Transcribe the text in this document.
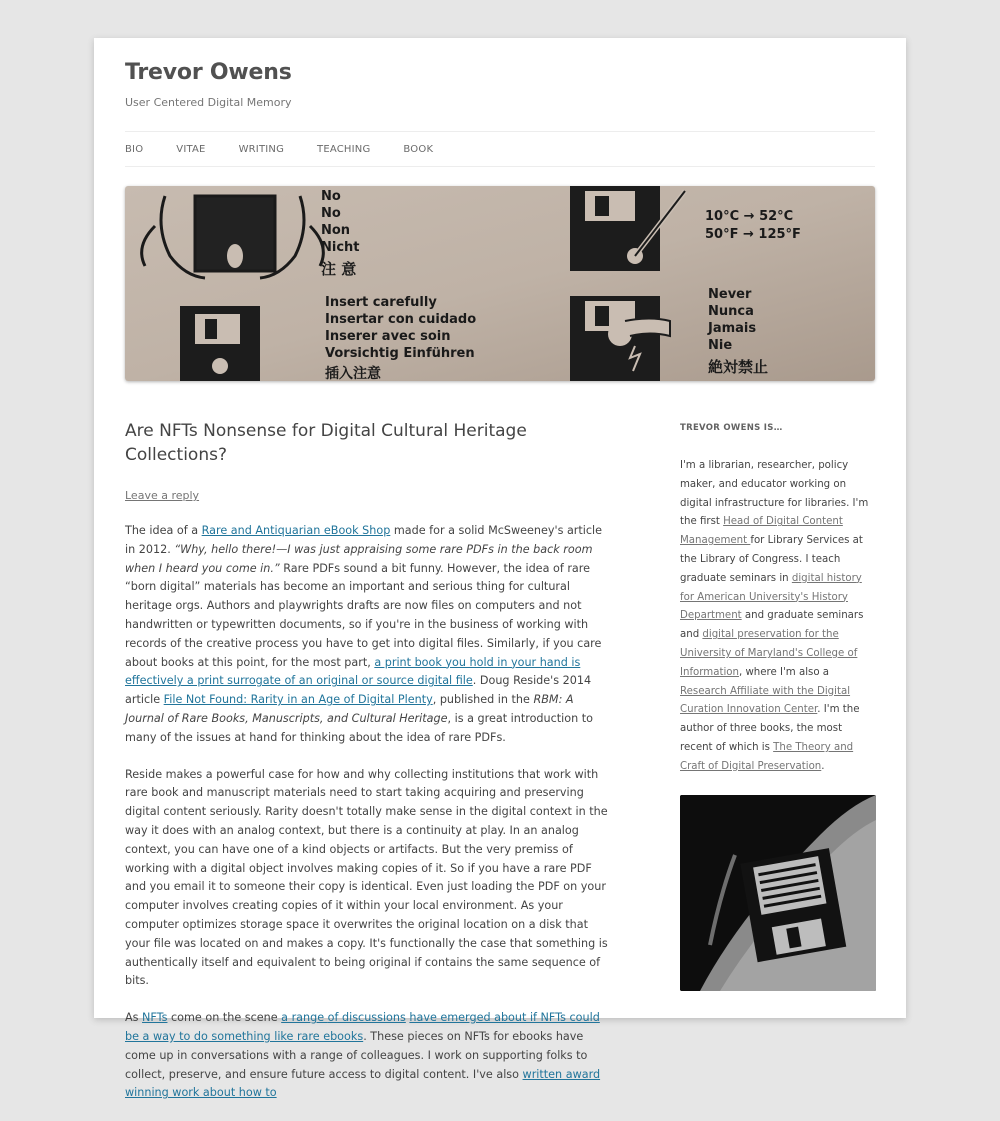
Trevor Owens
User Centered Digital Memory
BIO	VITAE	WRITING	TEACHING	BOOK
No
No
Non
Nicht
注 意
Insert carefully
Insertar con cuidado
Inserer avec soin
Vorsichtig Einführen
插入注意
10°C → 52°C
50°F → 125°F
Never
Nunca
Jamais
Nie
絶対禁止
Are NFTs Nonsense for Digital Cultural Heritage Collections?
Leave a reply

The idea of a Rare and Antiquarian eBook Shop made for a solid McSweeney's article in 2012. “Why, hello there!—I was just appraising some rare PDFs in the back room when I heard you come in.” Rare PDFs sound a bit funny. However, the idea of rare “born digital” materials has become an important and serious thing for cultural heritage orgs. Authors and playwrights drafts are now files on computers and not handwritten or typewritten documents, so if you're in the business of working with records of the creative process you have to get into digital files. Similarly, if you care about books at this point, for the most part, a print book you hold in your hand is effectively a print surrogate of an original or source digital file. Doug Reside's 2014 article File Not Found: Rarity in an Age of Digital Plenty, published in the RBM: A Journal of Rare Books, Manuscripts, and Cultural Heritage, is a great introduction to many of the issues at hand for thinking about the idea of rare PDFs.

Reside makes a powerful case for how and why collecting institutions that work with rare book and manuscript materials need to start taking acquiring and preserving digital content seriously. Rarity doesn't totally make sense in the digital context in the way it does with an analog context, but there is a continuity at play. In an analog context, you can have one of a kind objects or artifacts. But the very premiss of working with a digital object involves making copies of it. So if you have a rare PDF and you email it to someone their copy is identical. Even just loading the PDF on your computer involves creating copies of it within your local environment. As your computer optimizes storage space it overwrites the original location on a disk that your file was located on and makes a copy. It's functionally the case that something is authentically itself and equivalent to being original if contains the same sequence of bits.

As NFTs come on the scene a range of discussions have emerged about if NFTs could be a way to do something like rare ebooks. These pieces on NFTs for ebooks have come up in conversations with a range of colleagues. I work on supporting folks to collect, preserve, and ensure future access to digital content. I've also written award winning work about how to

TREVOR OWENS IS…
I'm a librarian, researcher, policy maker, and educator working on digital infrastructure for libraries. I'm the first Head of Digital Content Management for Library Services at the Library of Congress. I teach graduate seminars in digital history for American University's History Department and graduate seminars and digital preservation for the University of Maryland's College of Information, where I'm also a Research Affiliate with the Digital Curation Innovation Center. I'm the author of three books, the most recent of which is The Theory and Craft of Digital Preservation.
